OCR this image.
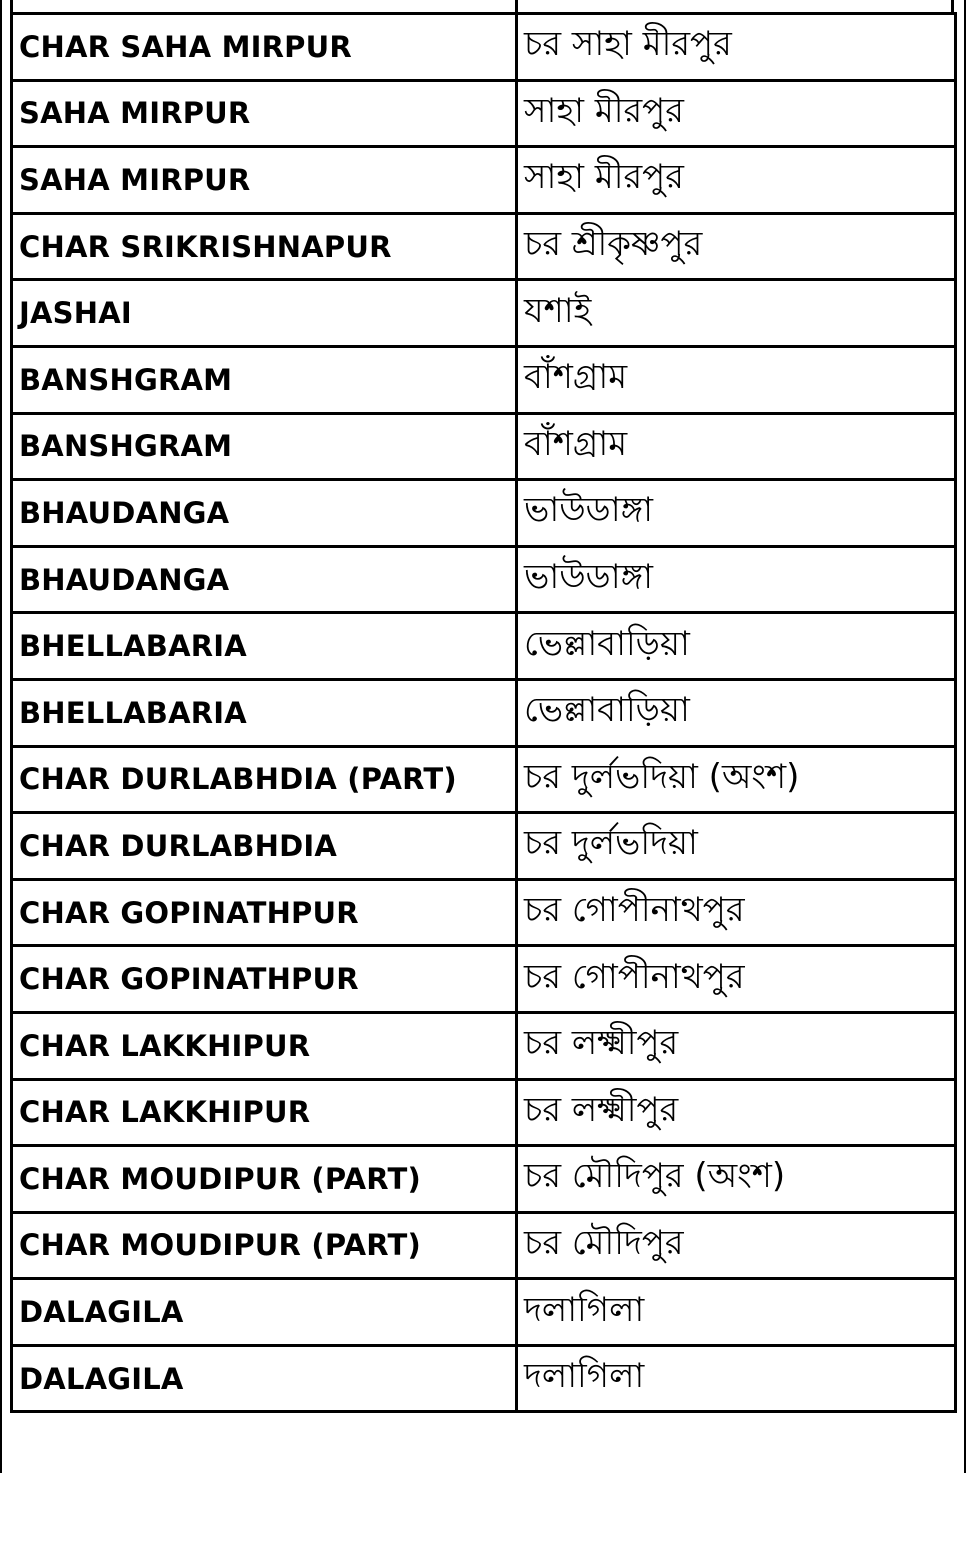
CHAR SAHA MIRPUR	চর সাহা মীরপুর
SAHA MIRPUR	সাহা মীরপুর
SAHA MIRPUR	সাহা মীরপুর
CHAR SRIKRISHNAPUR	চর শ্রীকৃষ্ণপুর
JASHAI	যশাই
BANSHGRAM	বাঁশগ্রাম
BANSHGRAM	বাঁশগ্রাম
BHAUDANGA	ভাউডাঙ্গা
BHAUDANGA	ভাউডাঙ্গা
BHELLABARIA	ভেল্লাবাড়িয়া
BHELLABARIA	ভেল্লাবাড়িয়া
CHAR DURLABHDIA (PART)	চর দুর্লভদিয়া (অংশ)
CHAR DURLABHDIA	চর দুর্লভদিয়া
CHAR GOPINATHPUR	চর গোপীনাথপুর
CHAR GOPINATHPUR	চর গোপীনাথপুর
CHAR LAKKHIPUR	চর লক্ষ্মীপুর
CHAR LAKKHIPUR	চর লক্ষ্মীপুর
CHAR MOUDIPUR (PART)	চর মৌদিপুর (অংশ)
CHAR MOUDIPUR (PART)	চর মৌদিপুর
DALAGILA	দলাগিলা
DALAGILA	দলাগিলা
